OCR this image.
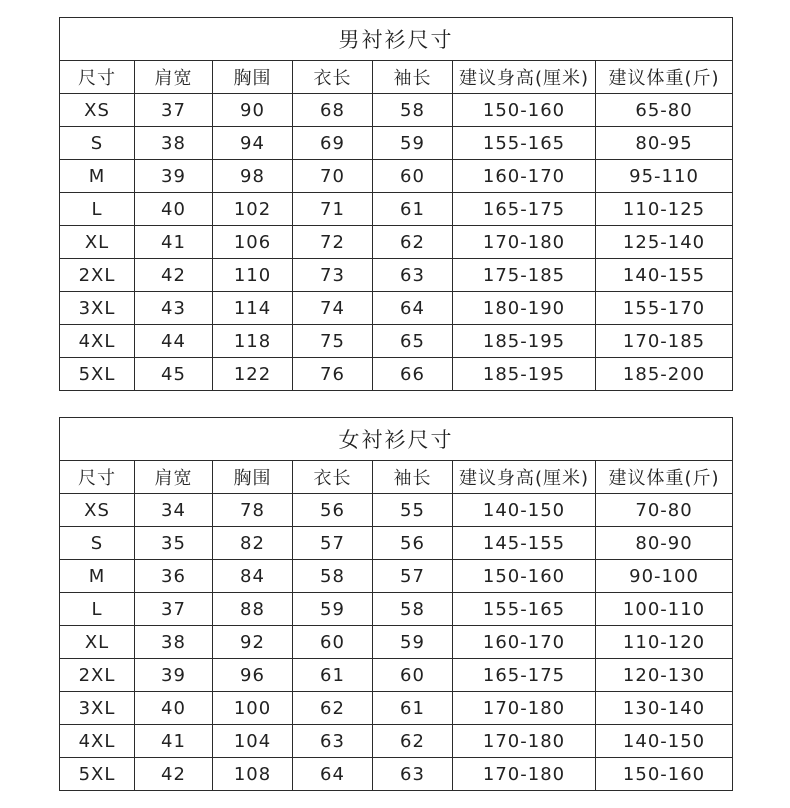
男衬衫尺寸						
尺寸	肩宽	胸围	衣长	袖长	建议身高(厘米)	建议体重(斤)
XS	37	90	68	58	150-160	65-80
S	38	94	69	59	155-165	80-95
M	39	98	70	60	160-170	95-110
L	40	102	71	61	165-175	110-125
XL	41	106	72	62	170-180	125-140
2XL	42	110	73	63	175-185	140-155
3XL	43	114	74	64	180-190	155-170
4XL	44	118	75	65	185-195	170-185
5XL	45	122	76	66	185-195	185-200
女衬衫尺寸						
尺寸	肩宽	胸围	衣长	袖长	建议身高(厘米)	建议体重(斤)
XS	34	78	56	55	140-150	70-80
S	35	82	57	56	145-155	80-90
M	36	84	58	57	150-160	90-100
L	37	88	59	58	155-165	100-110
XL	38	92	60	59	160-170	110-120
2XL	39	96	61	60	165-175	120-130
3XL	40	100	62	61	170-180	130-140
4XL	41	104	63	62	170-180	140-150
5XL	42	108	64	63	170-180	150-160
